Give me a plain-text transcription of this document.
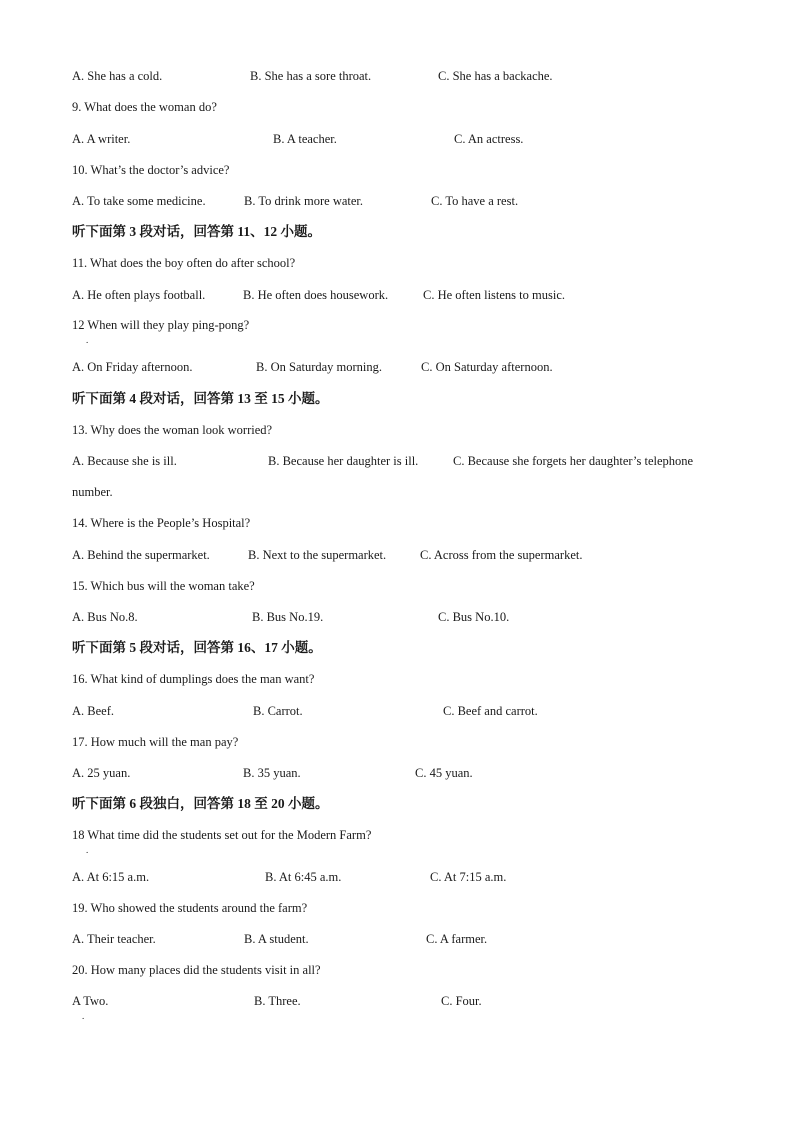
A. She has a cold.	B. She has a sore throat.	C. She has a backache.
9. What does the woman do?
A. A writer.	B. A teacher.	C. An actress.
10. What’s the doctor’s advice?
A. To take some medicine.	B. To drink more water.	C. To have a rest.
听下面第 3 段对话，回答第 11、12 小题。
11. What does the boy often do after school?
A. He often plays football.	B. He often does housework.	C. He often listens to music.
12 When will they play ping-pong?
.
A. On Friday afternoon.	B. On Saturday morning.	C. On Saturday afternoon.
听下面第 4 段对话，回答第 13 至 15 小题。
13. Why does the woman look worried?
A. Because she is ill.	B. Because her daughter is ill.	C. Because she forgets her daughter’s telephone
number.
14. Where is the People’s Hospital?
A. Behind the supermarket.	B. Next to the supermarket.	C. Across from the supermarket.
15. Which bus will the woman take?
A. Bus No.8.	B. Bus No.19.	C. Bus No.10.
听下面第 5 段对话，回答第 16、17 小题。
16. What kind of dumplings does the man want?
A. Beef.	B. Carrot.	C. Beef and carrot.
17. How much will the man pay?
A. 25 yuan.	B. 35 yuan.	C. 45 yuan.
听下面第 6 段独白，回答第 18 至 20 小题。
18 What time did the students set out for the Modern Farm?
.
A. At 6:15 a.m.	B. At 6:45 a.m.	C. At 7:15 a.m.
19. Who showed the students around the farm?
A. Their teacher.	B. A student.	C. A farmer.
20. How many places did the students visit in all?
A Two.	B. Three.	C. Four.
.
